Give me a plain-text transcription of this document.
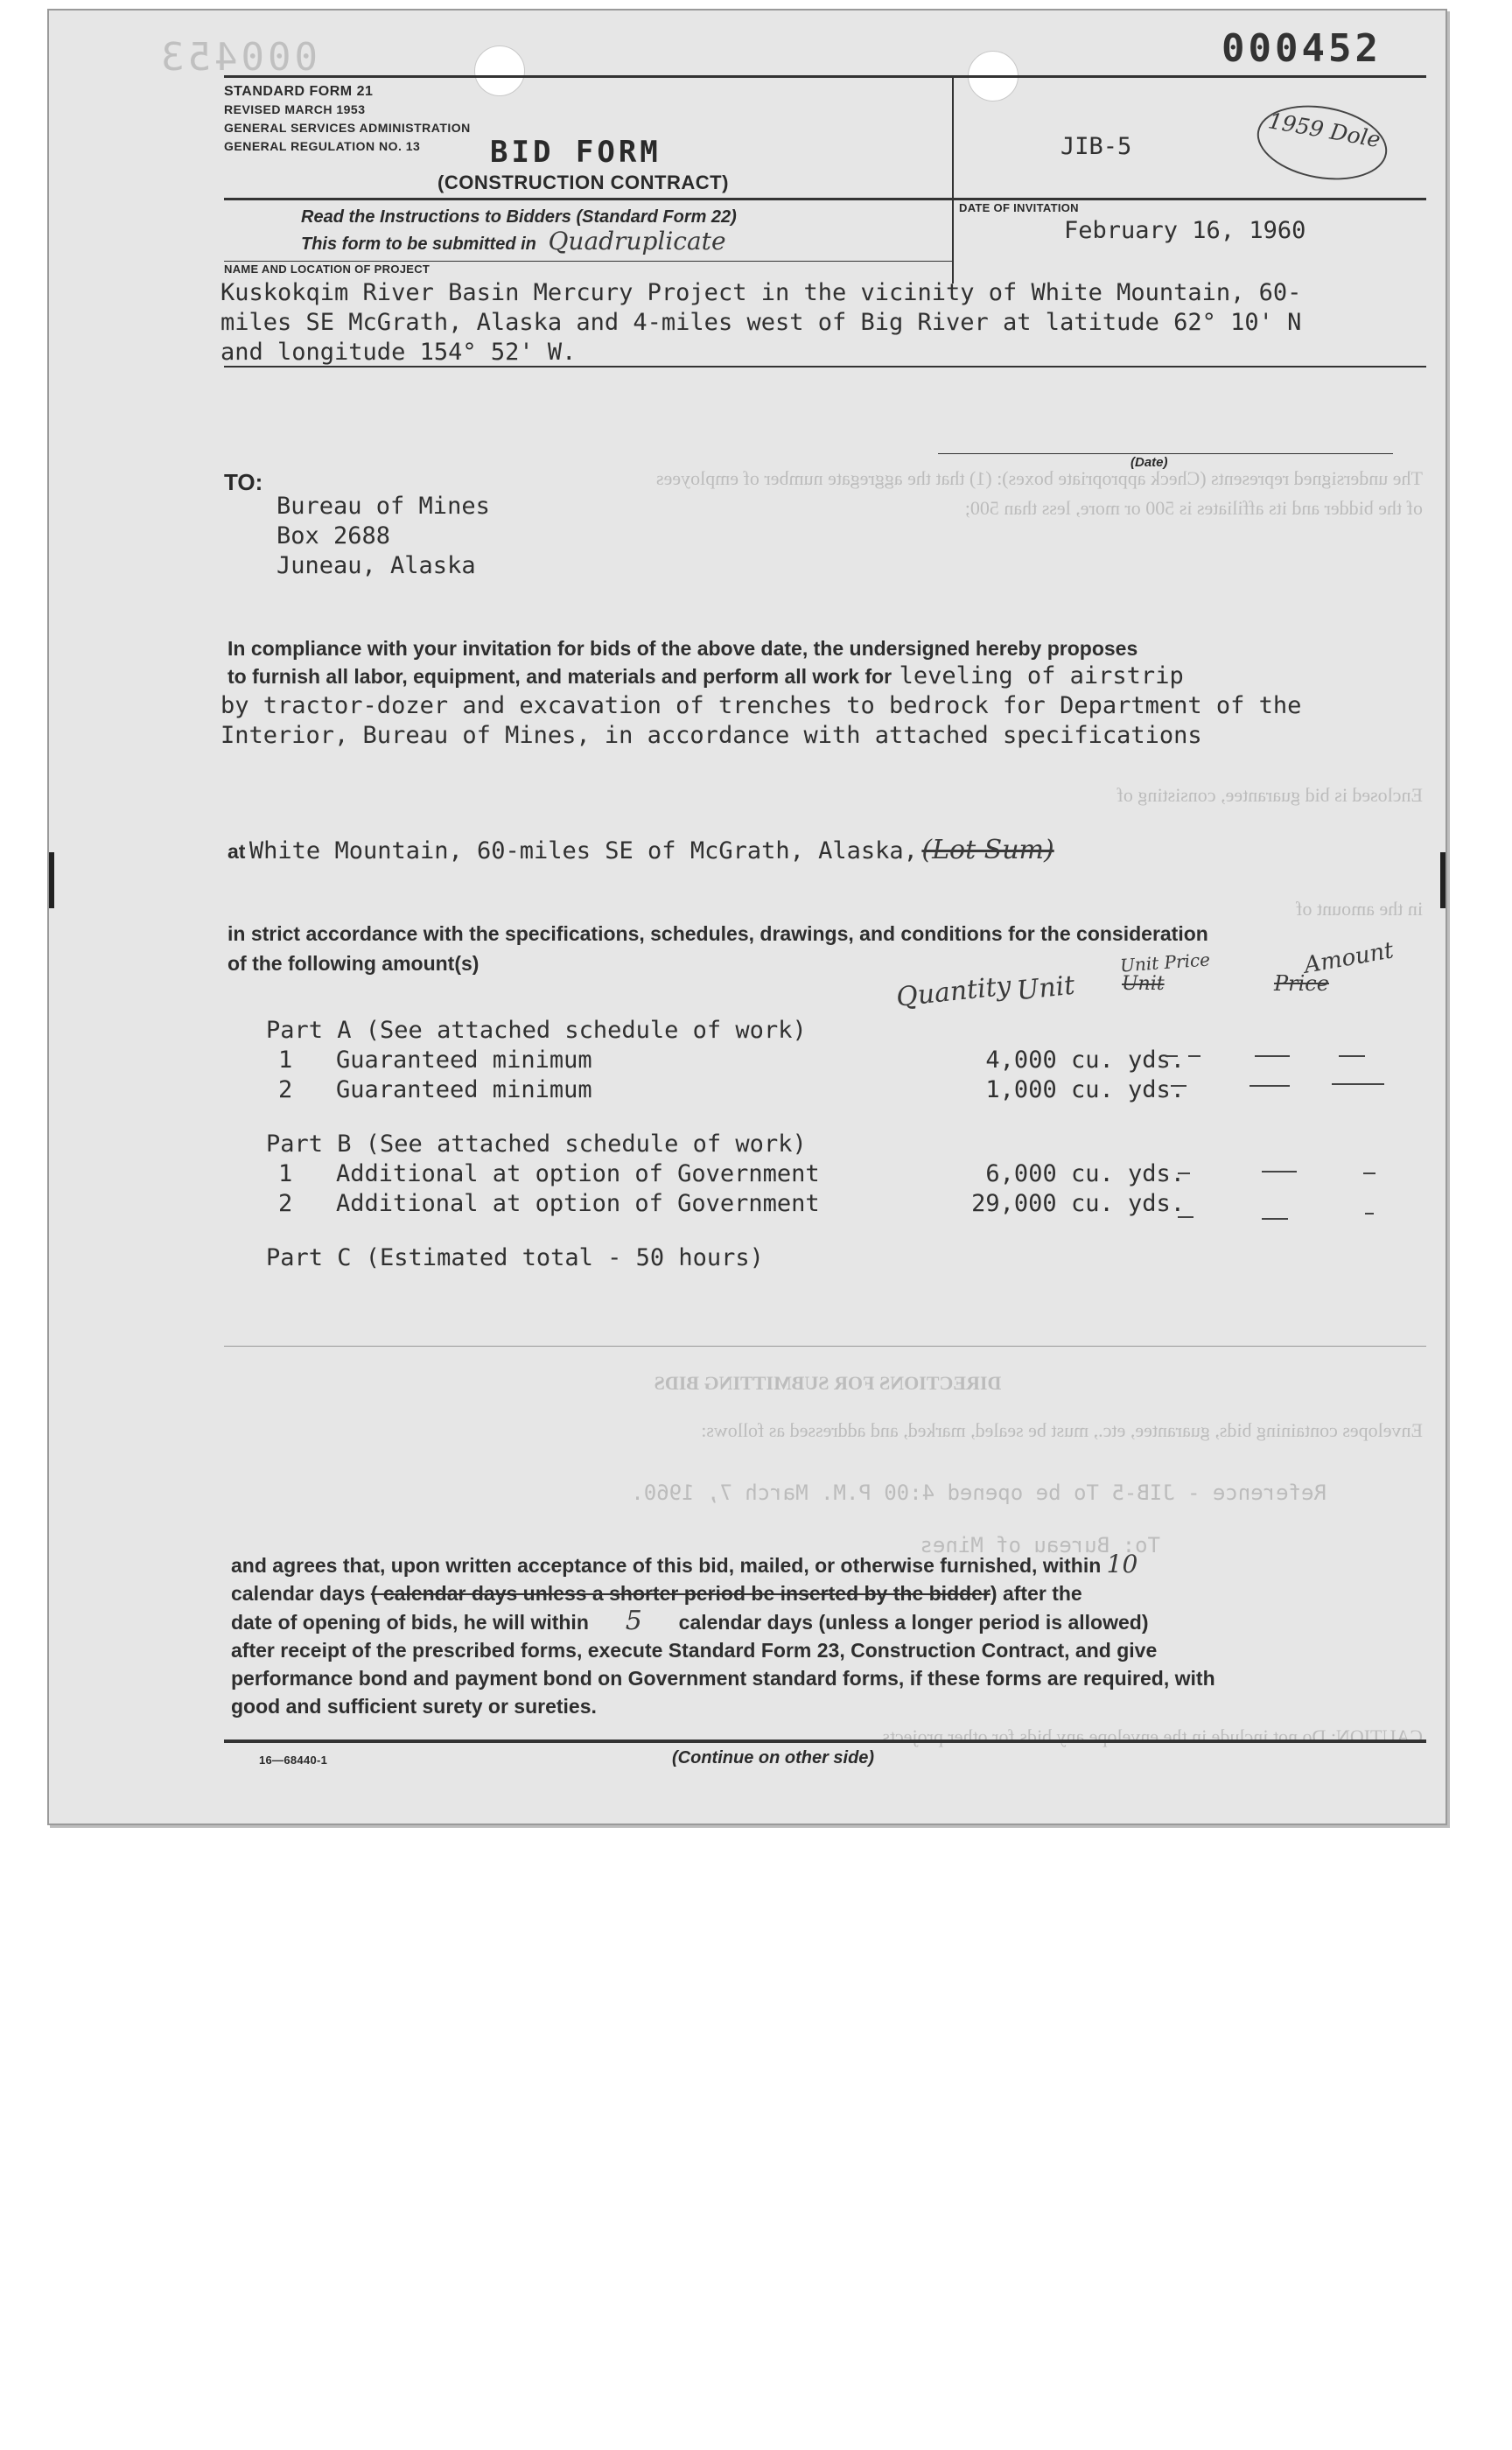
The undersigned represents (Check appropriate boxes): (1) that the aggregate number of employees
of the bidder and its affiliates is 500 or more, less than 500;
Enclosed is bid guarantee, consisting of
in the amount of
DIRECTIONS FOR SUBMITTING BIDS
Envelopes containing bids, guarantee, etc., must be sealed, marked, and addressed as follows:
Reference - JIB-5 To be opened 4:00 P.M. March 7, 1960.
To: Bureau of Mines
CAUTION: Do not include in the envelope any bids for other projects.
000453	000452
STANDARD FORM 21
REVISED MARCH 1953
GENERAL SERVICES ADMINISTRATION
GENERAL REGULATION NO. 13	BID FORM
(CONSTRUCTION CONTRACT)
JIB-5	1959 Dole
Read the Instructions to Bidders (Standard Form 22)
This form to be submitted in Quadruplicate
DATE OF INVITATION
February 16, 1960
NAME AND LOCATION OF PROJECT
Kuskokqim River Basin Mercury Project in the vicinity of White Mountain, 60-
miles SE McGrath, Alaska and 4-miles west of Big River at latitude 62° 10' N
and longitude 154° 52' W.
(Date)
TO:
Bureau of Mines
Box 2688
Juneau, Alaska
In compliance with your invitation for bids of the above date, the undersigned hereby proposes
to furnish all labor, equipment, and materials and perform all work for leveling of airstrip
by tractor-dozer and excavation of trenches to bedrock for Department of the
Interior, Bureau of Mines, in accordance with attached specifications
at White Mountain, 60-miles SE of McGrath, Alaska, (Lot Sum)
in strict accordance with the specifications, schedules, drawings, and conditions for the consideration
of the following amount(s)
Quantity Unit Unit
Unit Price
Price
Amount
Part A (See attached schedule of work)
1 Guaranteed minimum	4,000 cu. yds.
2 Guaranteed minimum	1,000 cu. yds.
Part B (See attached schedule of work)
1 Additional at option of Government	6,000 cu. yds.
2 Additional at option of Government	29,000 cu. yds.
Part C (Estimated total - 50 hours)
and agrees that, upon written acceptance of this bid, mailed, or otherwise furnished, within 10
calendar days ( calendar days unless a shorter period be inserted by the bidder) after the
date of opening of bids, he will within 5 calendar days (unless a longer period is allowed)
after receipt of the prescribed forms, execute Standard Form 23, Construction Contract, and give
performance bond and payment bond on Government standard forms, if these forms are required, with
good and sufficient surety or sureties.
16—68440-1	(Continue on other side)
